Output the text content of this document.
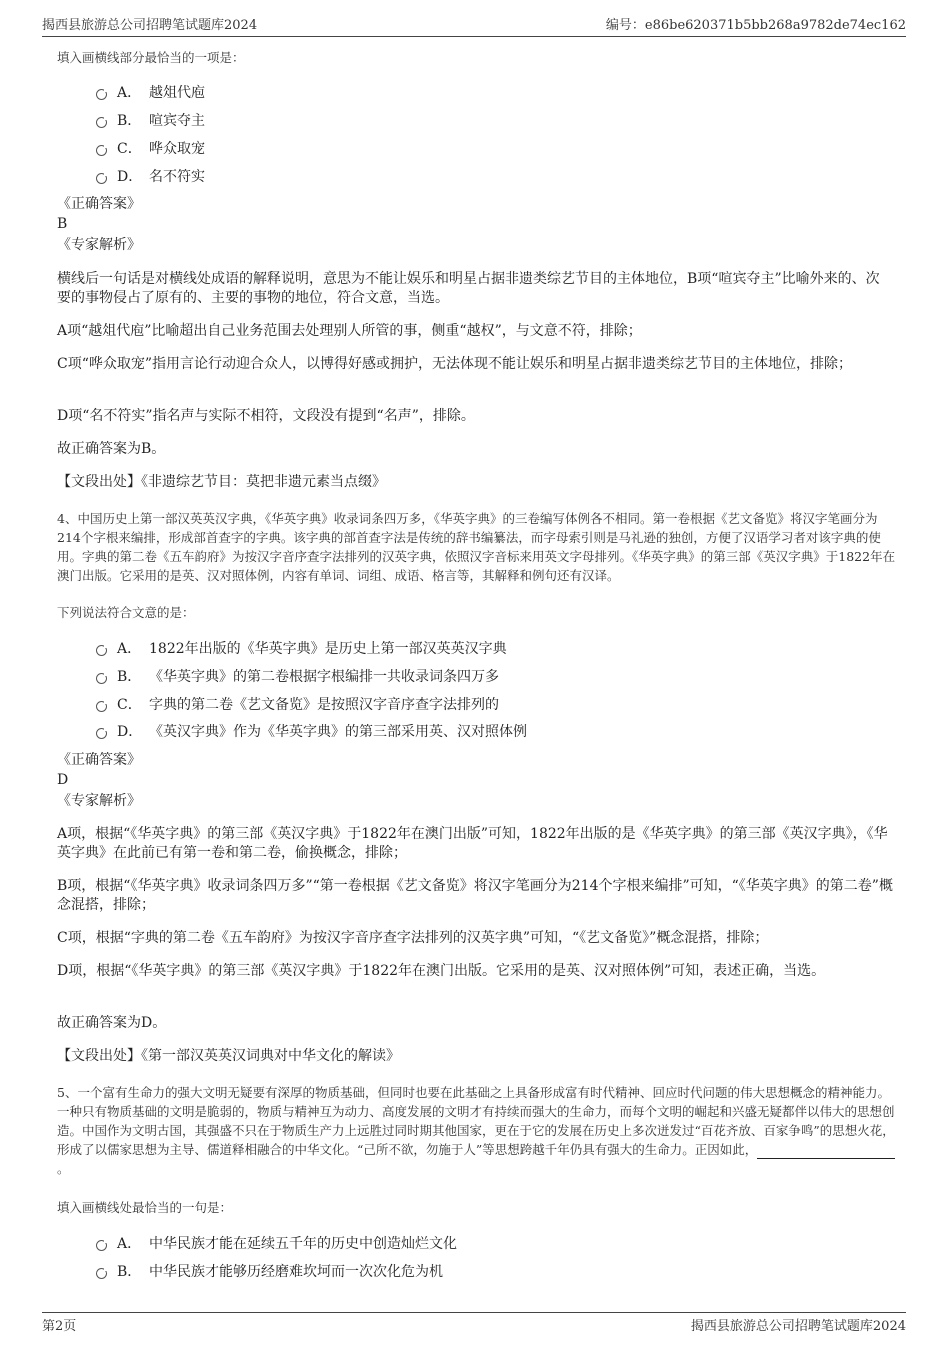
揭西县旅游总公司招聘笔试题库2024	编号：e86be620371b5bb268a9782de74ec162
填入画横线部分最恰当的一项是：
A． 越俎代庖
B． 喧宾夺主
C． 哗众取宠
D． 名不符实
《正确答案》
B
《专家解析》
横线后一句话是对横线处成语的解释说明，意思为不能让娱乐和明星占据非遗类综艺节目的主体地位，B项“喧宾夺主”比喻外来的、次要的事物侵占了原有的、主要的事物的地位，符合文意，当选。
A项“越俎代庖”比喻超出自己业务范围去处理别人所管的事，侧重“越权”，与文意不符，排除；
C项“哗众取宠”指用言论行动迎合众人，以博得好感或拥护，无法体现不能让娱乐和明星占据非遗类综艺节目的主体地位，排除；
D项“名不符实”指名声与实际不相符，文段没有提到“名声”，排除。
故正确答案为B。
【文段出处】《非遗综艺节目：莫把非遗元素当点缀》
4、中国历史上第一部汉英英汉字典，《华英字典》收录词条四万多，《华英字典》的三卷编写体例各不相同。第一卷根据《艺文备览》将汉字笔画分为214个字根来编排，形成部首查字的字典。该字典的部首查字法是传统的辞书编纂法，而字母索引则是马礼逊的独创，方便了汉语学习者对该字典的使用。字典的第二卷《五车韵府》为按汉字音序查字法排列的汉英字典，依照汉字音标来用英文字母排列。《华英字典》的第三部《英汉字典》于1822年在澳门出版。它采用的是英、汉对照体例，内容有单词、词组、成语、格言等，其解释和例句还有汉译。
下列说法符合文意的是：
A． 1822年出版的《华英字典》是历史上第一部汉英英汉字典
B． 《华英字典》的第二卷根据字根编排一共收录词条四万多
C． 字典的第二卷《艺文备览》是按照汉字音序查字法排列的
D． 《英汉字典》作为《华英字典》的第三部采用英、汉对照体例
《正确答案》
D
《专家解析》
A项，根据“《华英字典》的第三部《英汉字典》于1822年在澳门出版”可知，1822年出版的是《华英字典》的第三部《英汉字典》，《华英字典》在此前已有第一卷和第二卷，偷换概念，排除；
B项，根据“《华英字典》收录词条四万多”“第一卷根据《艺文备览》将汉字笔画分为214个字根来编排”可知，“《华英字典》的第二卷”概念混搭，排除；
C项，根据“字典的第二卷《五车韵府》为按汉字音序查字法排列的汉英字典”可知，“《艺文备览》”概念混搭，排除；
D项，根据“《华英字典》的第三部《英汉字典》于1822年在澳门出版。它采用的是英、汉对照体例”可知，表述正确，当选。
故正确答案为D。
【文段出处】《第一部汉英英汉词典对中华文化的解读》
5、一个富有生命力的强大文明无疑要有深厚的物质基础，但同时也要在此基础之上具备形成富有时代精神、回应时代问题的伟大思想概念的精神能力。一种只有物质基础的文明是脆弱的，物质与精神互为动力、高度发展的文明才有持续而强大的生命力，而每个文明的崛起和兴盛无疑都伴以伟大的思想创造。中国作为文明古国，其强盛不只在于物质生产力上远胜过同时期其他国家，更在于它的发展在历史上多次迸发过“百花齐放、百家争鸣”的思想火花，形成了以儒家思想为主导、儒道释相融合的中华文化。“己所不欲，勿施于人”等思想跨越千年仍具有强大的生命力。正因如此，。
填入画横线处最恰当的一句是：
A． 中华民族才能在延续五千年的历史中创造灿烂文化
B． 中华民族才能够历经磨难坎坷而一次次化危为机
第2页	揭西县旅游总公司招聘笔试题库2024
